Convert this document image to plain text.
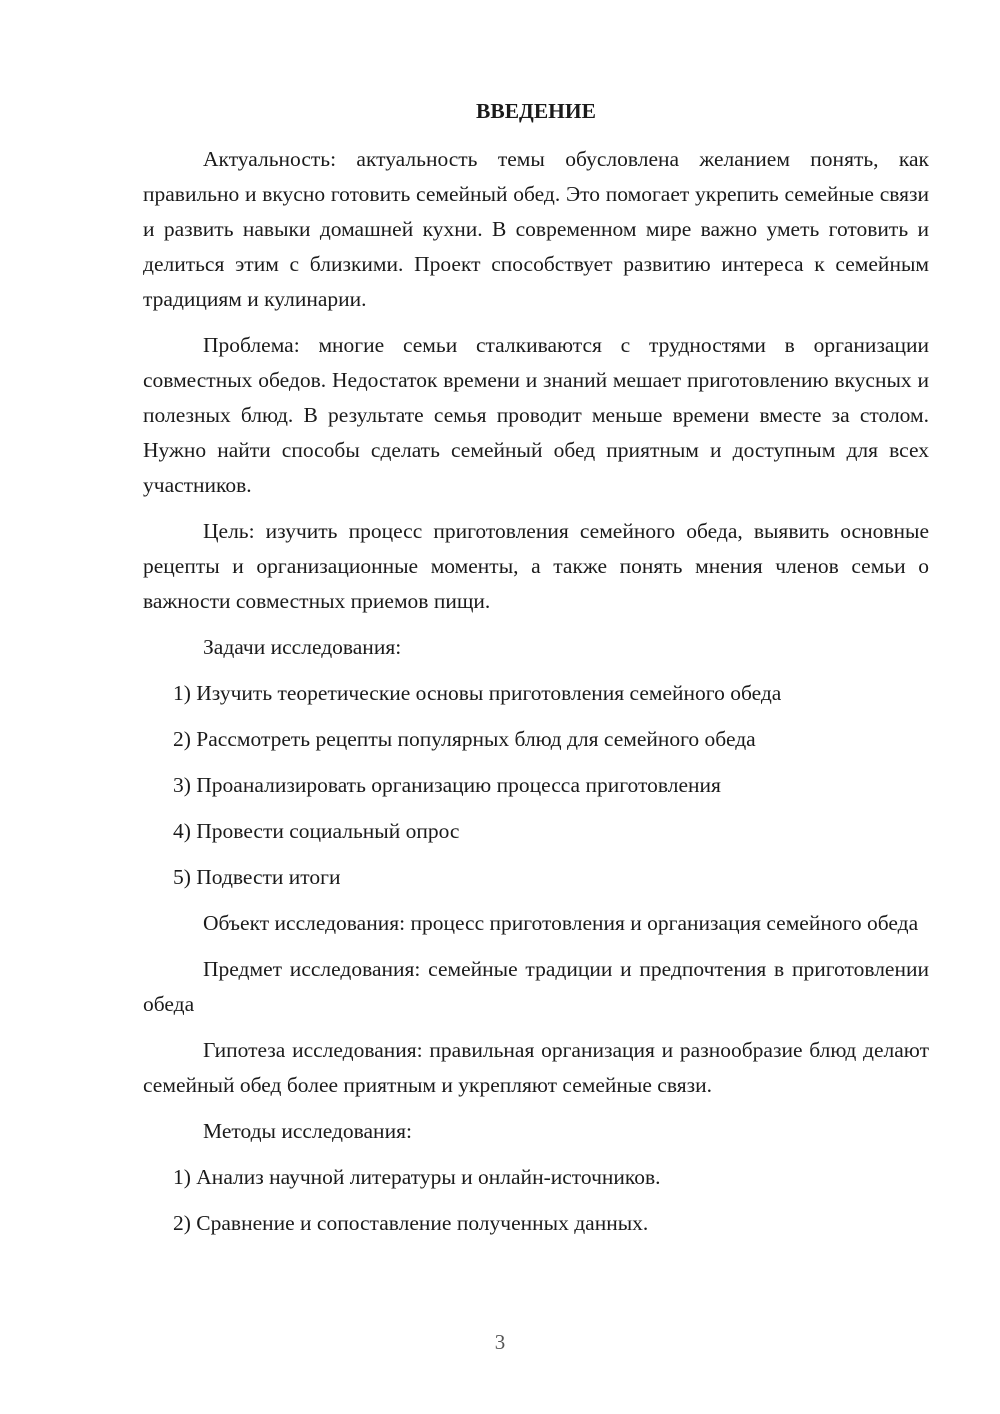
ВВЕДЕНИЕ

Актуальность: актуальность темы обусловлена желанием понять, как правильно и вкусно готовить семейный обед. Это помогает укрепить семейные связи и развить навыки домашней кухни. В современном мире важно уметь готовить и делиться этим с близкими. Проект способствует развитию интереса к семейным традициям и кулинарии.

Проблема: многие семьи сталкиваются с трудностями в организации совместных обедов. Недостаток времени и знаний мешает приготовлению вкусных и полезных блюд. В результате семья проводит меньше времени вместе за столом. Нужно найти способы сделать семейный обед приятным и доступным для всех участников.

Цель: изучить процесс приготовления семейного обеда, выявить основные рецепты и организационные моменты, а также понять мнения членов семьи о важности совместных приемов пищи.

Задачи исследования:

1) Изучить теоретические основы приготовления семейного обеда
2) Рассмотреть рецепты популярных блюд для семейного обеда
3) Проанализировать организацию процесса приготовления
4) Провести социальный опрос
5) Подвести итоги

Объект исследования: процесс приготовления и организация семейного обеда

Предмет исследования: семейные традиции и предпочтения в приготовлении обеда

Гипотеза исследования: правильная организация и разнообразие блюд делают семейный обед более приятным и укрепляют семейные связи.

Методы исследования:

1) Анализ научной литературы и онлайн-источников.
2) Сравнение и сопоставление полученных данных.
3
